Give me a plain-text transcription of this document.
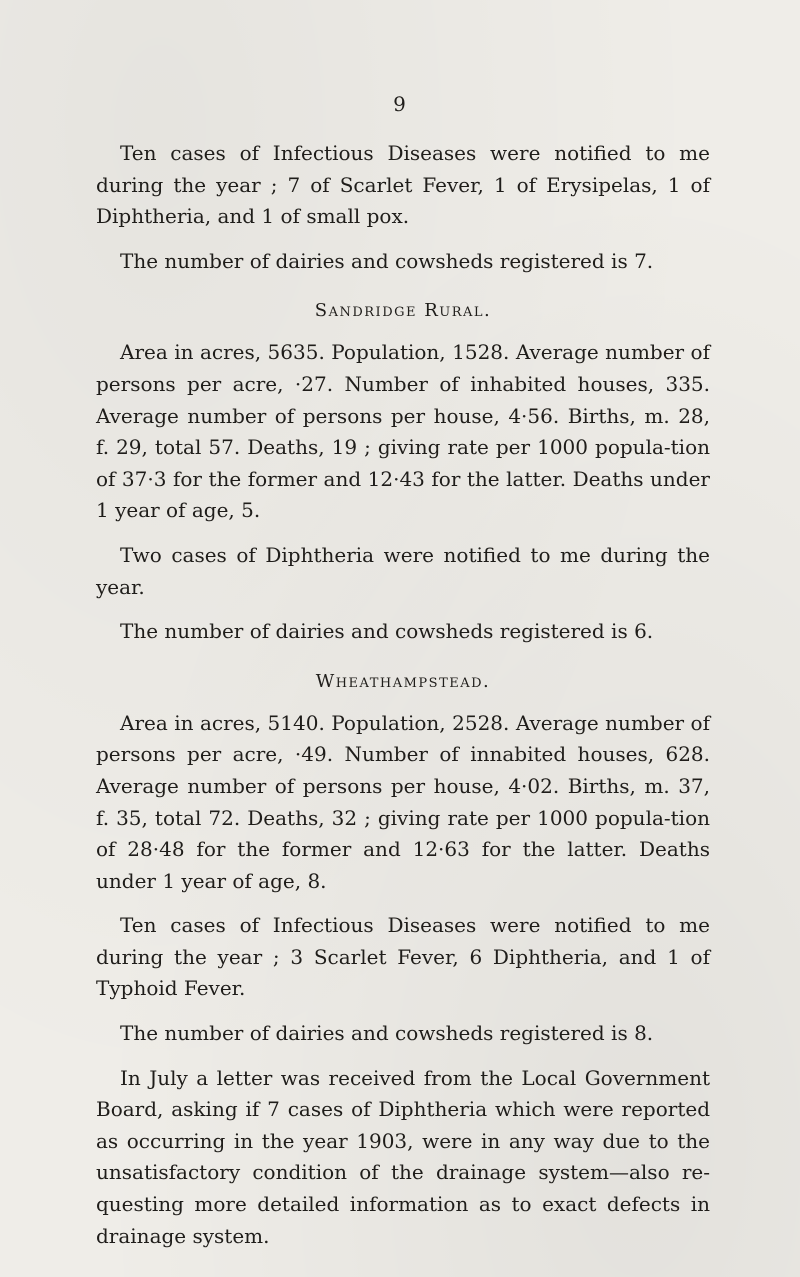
9

Ten cases of Infectious Diseases were notified to me during the year ; 7 of Scarlet Fever, 1 of Erysipelas, 1 of Diphtheria, and 1 of small pox.

The number of dairies and cowsheds registered is 7.

Sandridge Rural.

Area in acres, 5635. Population, 1528. Average number of persons per acre, ·27. Number of inhabited houses, 335. Average number of persons per house, 4·56. Births, m. 28, f. 29, total 57. Deaths, 19 ; giving rate per 1000 popula-tion of 37·3 for the former and 12·43 for the latter. Deaths under 1 year of age, 5.

Two cases of Diphtheria were notified to me during the year.

The number of dairies and cowsheds registered is 6.

Wheathampstead.

Area in acres, 5140. Population, 2528. Average number of persons per acre, ·49. Number of innabited houses, 628. Average number of persons per house, 4·02. Births, m. 37, f. 35, total 72. Deaths, 32 ; giving rate per 1000 popula-tion of 28·48 for the former and 12·63 for the latter. Deaths under 1 year of age, 8.

Ten cases of Infectious Diseases were notified to me during the year ; 3 Scarlet Fever, 6 Diphtheria, and 1 of Typhoid Fever.

The number of dairies and cowsheds registered is 8.

In July a letter was received from the Local Government Board, asking if 7 cases of Diphtheria which were reported as occurring in the year 1903, were in any way due to the unsatisfactory condition of the drainage system—also re-questing more detailed information as to exact defects in drainage system.
